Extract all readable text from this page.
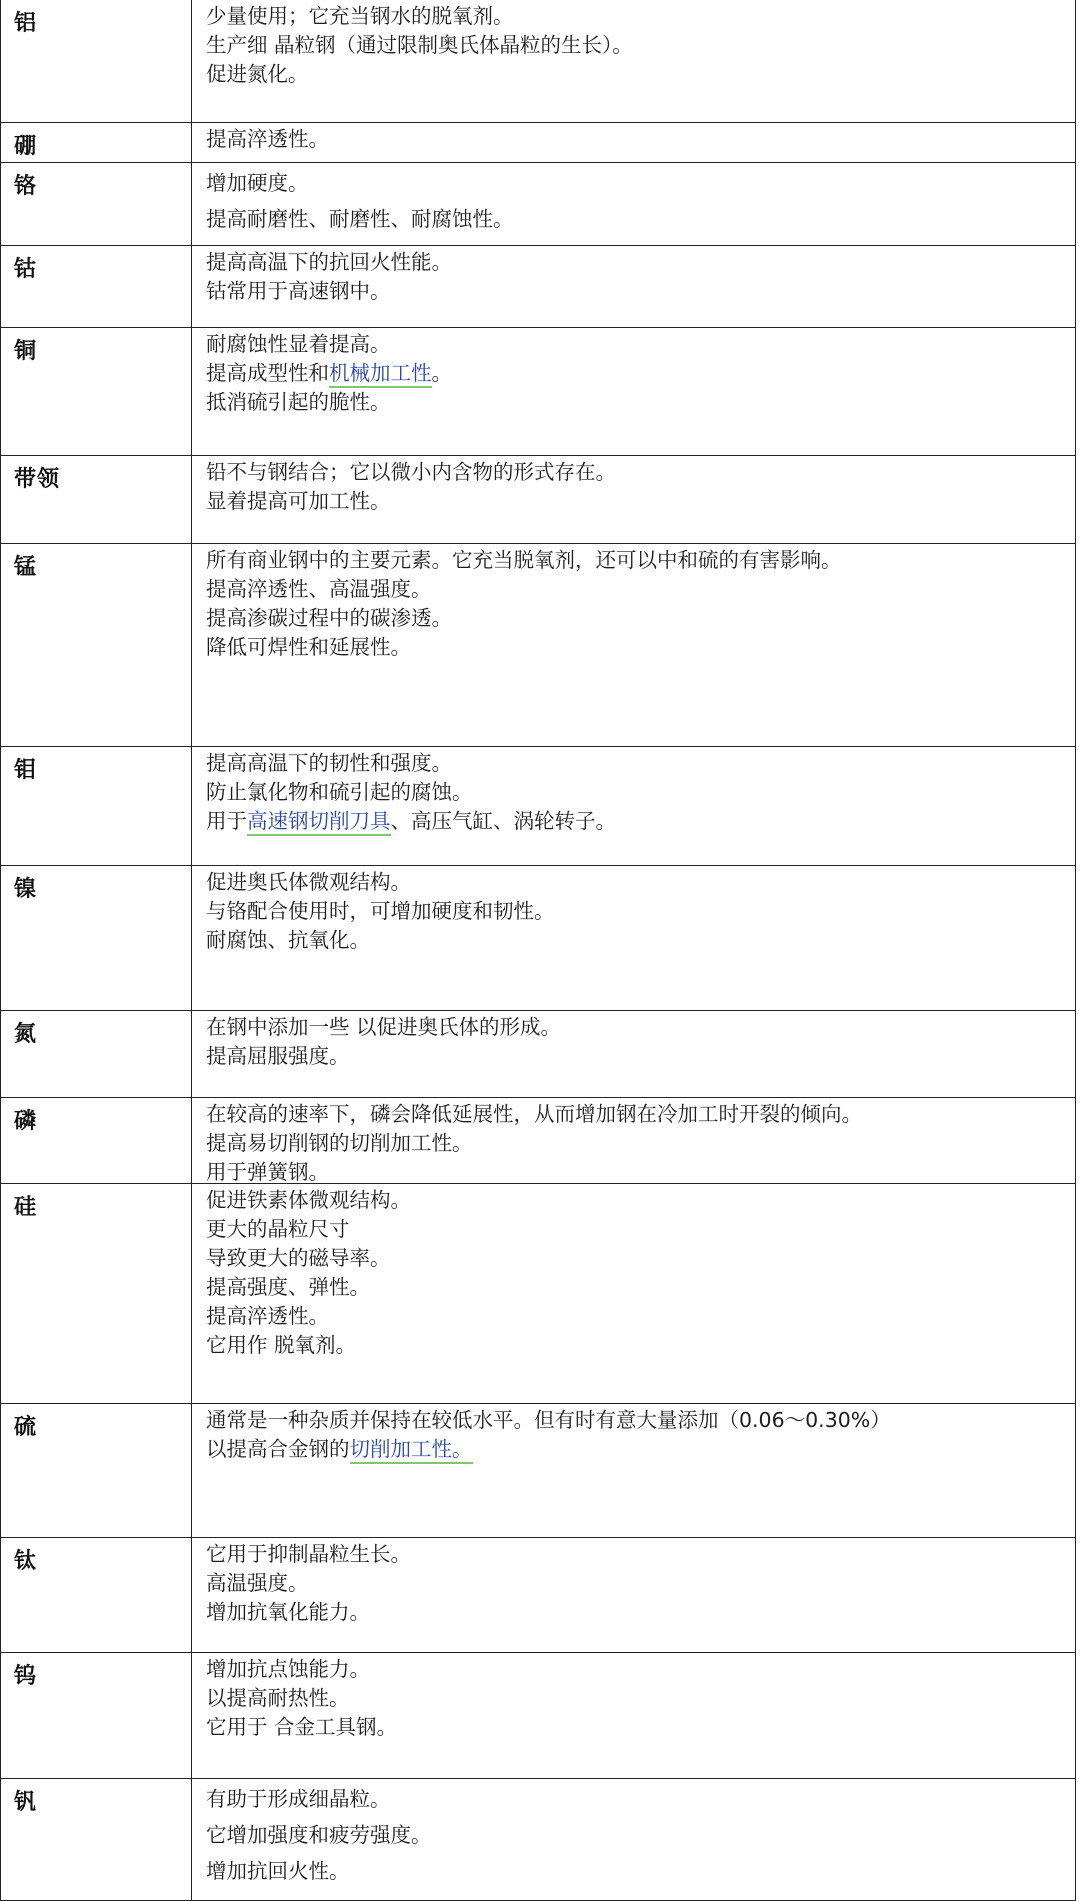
铝	少量使用；它充当钢水的脱氧剂。
生产细 晶粒钢（通过限制奥氏体晶粒的生长）。
促进氮化。
硼	提高淬透性。
铬	增加硬度。
提高耐磨性、耐磨性、耐腐蚀性。
钴	提高高温下的抗回火性能。
钴常用于高速钢中。
铜	耐腐蚀性显着提高。
提高成型性和机械加工性。
抵消硫引起的脆性。
带领	铅不与钢结合；它以微小内含物的形式存在。
显着提高可加工性。
锰	所有商业钢中的主要元素。它充当脱氧剂，还可以中和硫的有害影响。
提高淬透性、高温强度。
提高渗碳过程中的碳渗透。
降低可焊性和延展性。
钼	提高高温下的韧性和强度。
防止氯化物和硫引起的腐蚀。
用于高速钢切削刀具、高压气缸、涡轮转子。
镍	促进奥氏体微观结构。
与铬配合使用时，可增加硬度和韧性。
耐腐蚀、抗氧化。
氮	在钢中添加一些 以促进奥氏体的形成。
提高屈服强度。
磷	在较高的速率下，磷会降低延展性，从而增加钢在冷加工时开裂的倾向。
提高易切削钢的切削加工性。
用于弹簧钢。
硅	促进铁素体微观结构。
更大的晶粒尺寸
导致更大的磁导率。
提高强度、弹性。
提高淬透性。
它用作 脱氧剂。
硫	通常是一种杂质并保持在较低水平。但有时有意大量添加（0.06～0.30%）
以提高合金钢的切削加工性。
钛	它用于抑制晶粒生长。
高温强度。
增加抗氧化能力。
钨	增加抗点蚀能力。
以提高耐热性。
它用于 合金工具钢。
钒	有助于形成细晶粒。
它增加强度和疲劳强度。
增加抗回火性。
